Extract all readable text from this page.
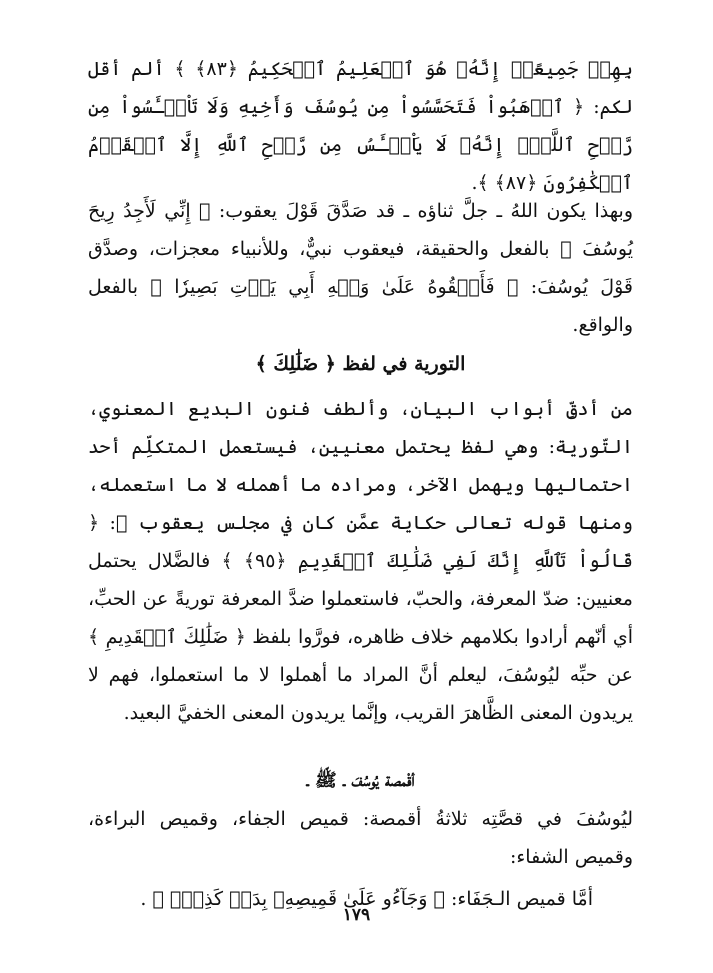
بِهِمۡ جَمِيعًاۚ إِنَّهُۥ هُوَ ٱلۡعَلِيمُ ٱلۡحَكِيمُ ﴿٨٣﴾ ﴾ ألم أقل لكم: ﴿ ٱذۡهَبُواْ فَتَحَسَّسُواْ مِن يُوسُفَ وَأَخِيهِ وَلَا تَاْيۡـَٔسُواْ مِن رَّوۡحِ ٱللَّهِۖ إِنَّهُۥ لَا يَاْيۡـَٔسُ مِن رَّوۡحِ ٱللَّهِ إِلَّا ٱلۡقَوۡمُ ٱلۡكَٰفِرُونَ ﴿٨٧﴾ ﴾.

وبهذا يكون اللهُ ـ جلَّ ثناؤه ـ قد صَدَّقَ قَوْلَ يعقوب: ﴿ إِنِّي لَأَجِدُ رِيحَ يُوسُفَ ﴾ بالفعل والحقيقة، فيعقوب نبيٌّ، وللأنبياء معجزات، وصدَّق قَوْلَ يُوسُفَ: ﴿ فَأَلۡقُوهُ عَلَىٰ وَجۡهِ أَبِي يَأۡتِ بَصِيرٗا ﴾ بالفعل والواقع.

التورية في لفظ ﴿ ضَلَٰلِكَ ﴾

من أدقِّ أبواب البيان، وألطف فنون البديع المعنوي، التّورية: وهي لفظ يحتمل معنيين، فيستعمل المتكلِّم أحد احتماليها ويهمل الآخر، ومراده ما أهمله لا ما استعمله، ومنها قوله تعالى حكاية عمَّن كان في مجلس يعقوب ﷺ: ﴿ قَالُواْ تَٱللَّهِ إِنَّكَ لَفِي ضَلَٰلِكَ ٱلۡقَدِيمِ ﴿٩٥﴾ ﴾ فالضَّلال يحتمل معنيين: ضدّ المعرفة، والحبّ، فاستعملوا ضدَّ المعرفة توريةً عن الحبِّ، أي أنّهم أرادوا بكلامهم خلاف ظاهره، فورَّوا بلفظ ﴿ ضَلَٰلِكَ ٱلۡقَدِيمِ ﴾ عن حبِّه ليُوسُفَ، ليعلم أنَّ المراد ما أهملوا لا ما استعملوا، فهم لا يريدون المعنى الظَّاهرَ القريب، وإنَّما يريدون المعنى الخفيَّ البعيد.

أقْمصة يُوسُفَ ـ ﷺ ـ

ليُوسُفَ في قصَّتِه ثلاثةُ أقمصة: قميص الجفاء، وقميص البراءة، وقميص الشفاء:

أمَّا قميص الـجَفَاء: ﴿ وَجَآءُو عَلَىٰ قَمِيصِهِۦ بِدَمٖ كَذِبٖۚ ﴾ .

١٧٩
